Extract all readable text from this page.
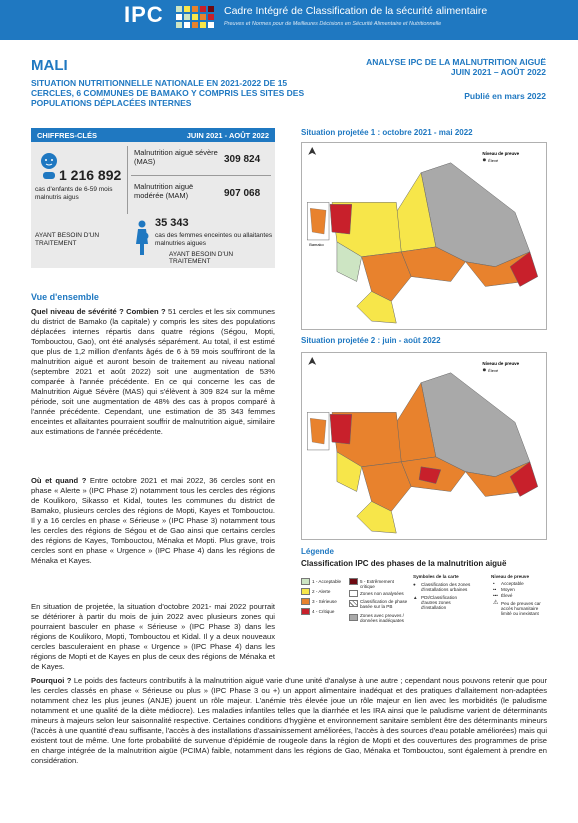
IPC	Cadre Intégré de Classification de la sécurité alimentaire
Preuves et Normes pour de Meilleures Décisions en Sécurité Alimentaire et Nutritionnelle
MALI
SITUATION NUTRITIONNELLE NATIONALE EN 2021-2022 DE 15 CERCLES, 6 COMMUNES DE BAMAKO Y COMPRIS LES SITES DES POPULATIONS DÉPLACÉES INTERNES
ANALYSE IPC DE LA MALNUTRITION AIGUË
JUIN 2021 – AOÛT 2022
Publié en mars 2022
CHIFFRES-CLÉS	JUIN 2021 - AOÛT 2022
1 216 892
cas d'enfants de 6-59 mois malnutris aigus
AYANT BESOIN D'UN TRAITEMENT
Malnutrition aiguë sévère (MAS)	309 824
Malnutrition aiguë modérée (MAM)	907 068
35 343
cas des femmes enceintes ou allaitantes malnutries aigues
AYANT BESOIN D'UN TRAITEMENT
Vue d'ensemble
Quel niveau de sévérité ? Combien ? 51 cercles et les six communes du district de Bamako (la capitale) y compris les sites des populations déplacées internes répartis dans quatre régions (Ségou, Mopti, Tombouctou, Gao), ont été analysés séparément. Au total, il est estimé que plus de 1,2 million d'enfants âgés de 6 à 59 mois souffriront de la malnutrition aiguë et auront besoin de traitement au niveau national (septembre 2021 et août 2022) soit une augmentation de 53% comparée à l'année précédente. En ce qui concerne les cas de Malnutrition Aiguë Sévère (MAS) qui s'élèvent à 309 824 sur la même période, soit une augmentation de 48% des cas à propos comparé à l'année précédente. Cependant, une estimation de 35 343 femmes enceintes et allaitantes pourraient souffrir de malnutrition aiguë, similaire aux estimations de l'année précédente.
Où et quand ? Entre octobre 2021 et mai 2022, 36 cercles sont en phase « Alerte » (IPC Phase 2) notamment tous les cercles des régions de Koulikoro, Sikasso et Kidal, toutes les communes du district de Bamako, plusieurs cercles des régions de Mopti, Kayes et Tombouctou. Il y a 16 cercles en phase « Sérieuse » (IPC Phase 3) notamment tous les cercles des régions de Ségou et de Gao ainsi que certains cercles des régions de Kayes, Tombouctou, Ménaka et Mopti. Plus grave, trois cercles sont en phase « Urgence » (IPC Phase 4) dans les régions de Ménaka et Kayes.
En situation de projetée, la situation d'octobre 2021- mai 2022 pourrait se détériorer à partir du mois de juin 2022 avec plusieurs zones qui pourraient basculer en phase « Sérieuse » (IPC Phase 3) dans les régions de Koulikoro, Mopti, Tombouctou et Kidal. Il y a deux nouveaux cercles basculeraient en phase « Urgence » (IPC Phase 4) dans les régions de Mopti et de Kayes en plus de ceux des régions de Ménaka et de Kayes.
Pourquoi ? Le poids des facteurs contributifs à la malnutrition aiguë varie d'une unité d'analyse à une autre ; cependant nous pouvons retenir que pour les cercles classés en phase « Sérieuse ou plus » (IPC Phase 3 ou +) un apport alimentaire inadéquat et des pratiques d'allaitement non-adaptées notamment chez les plus jeunes (ANJE) jouent un rôle majeur. L'anémie très élevée joue un rôle majeur en lien avec les morbidités (le paludisme notamment et une qualité de la diète médiocre). Les maladies infantiles telles que la diarrhée et les IRA ainsi que le paludisme varient de déterminants mineurs à majeurs selon leur saisonnalité respective. Certaines conditions d'hygiène et environnement sanitaire semblent être des déterminants mineurs (l'accès à une quantité d'eau suffisante, l'accès à des installations d'assainissement améliorées, l'accès à des sources d'eau potable améliorées) mais qui existent tout de même. Une forte probabilité de survenue d'épidémie de rougeole dans la région de Mopti et des couvertures des programmes de prise en charge intégrée de la malnutrition aigüe (PCIMA) faible, notamment dans les régions de Gao, Ménaka et Tombouctou, sont également à prendre en considération.
Situation projetée 1 : octobre 2021 - mai 2022
Bamako
Niveau de preuve
Élevé
Situation projetée 2 : juin - août 2022
Niveau de preuve
Élevé
Légende
Classification IPC des phases de la malnutrition aiguë
1 - Acceptable
2 - Alerte
3 - Sérieuse
4 - Critique
5 - Extrêmement critique
Zones non analysées
Classification de phase basée sur la PB
Zones avec preuves / données inadéquates
Symboles de la carte
● Classification des zones d'installations urbaines
▲ PDI/Classification d'autres zones d'installation
Niveau de preuve
• Acceptable
•• Moyen
••• Élevé
⚠ Peu de preuves car accès humanitaire limité ou inexistant
